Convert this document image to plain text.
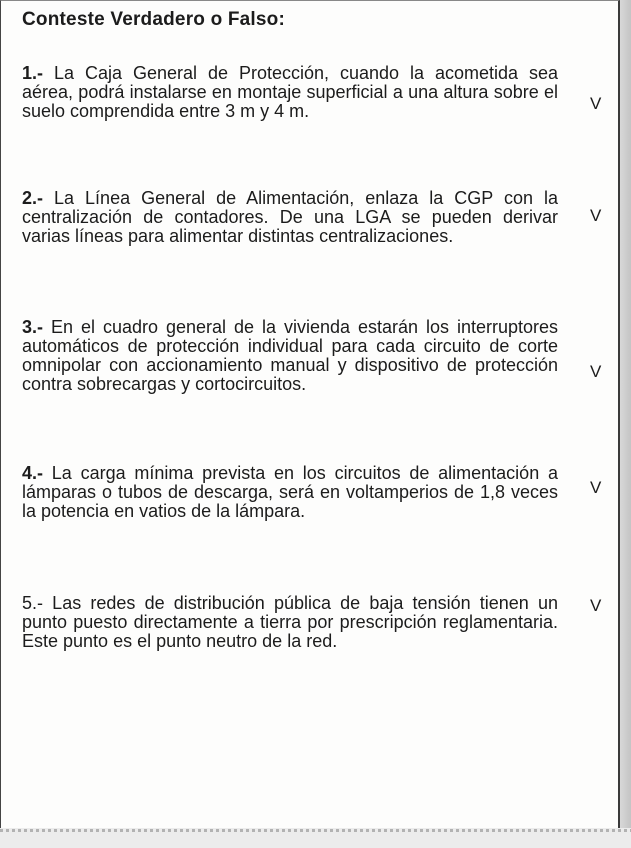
Conteste Verdadero o Falso:
1.- La Caja General de Protección, cuando la acometida sea aérea, podrá instalarse en montaje superficial a una altura sobre el suelo comprendida entre 3 m y 4 m.	V
2.- La Línea General de Alimentación, enlaza la CGP con la centralización de contadores. De una LGA se pueden derivar varias líneas para alimentar distintas centralizaciones.
V
3.- En el cuadro general de la vivienda estarán los interruptores automáticos de protección individual para cada circuito de corte omnipolar con accionamiento manual y dispositivo de protección contra sobrecargas y cortocircuitos.
V
4.- La carga mínima prevista en los circuitos de alimentación a lámparas o tubos de descarga, será en voltamperios de 1,8 veces la potencia en vatios de la lámpara.
V
5.- Las redes de distribución pública de baja tensión tienen un punto puesto directamente a tierra por prescripción reglamentaria. Este punto es el punto neutro de la red.
V
